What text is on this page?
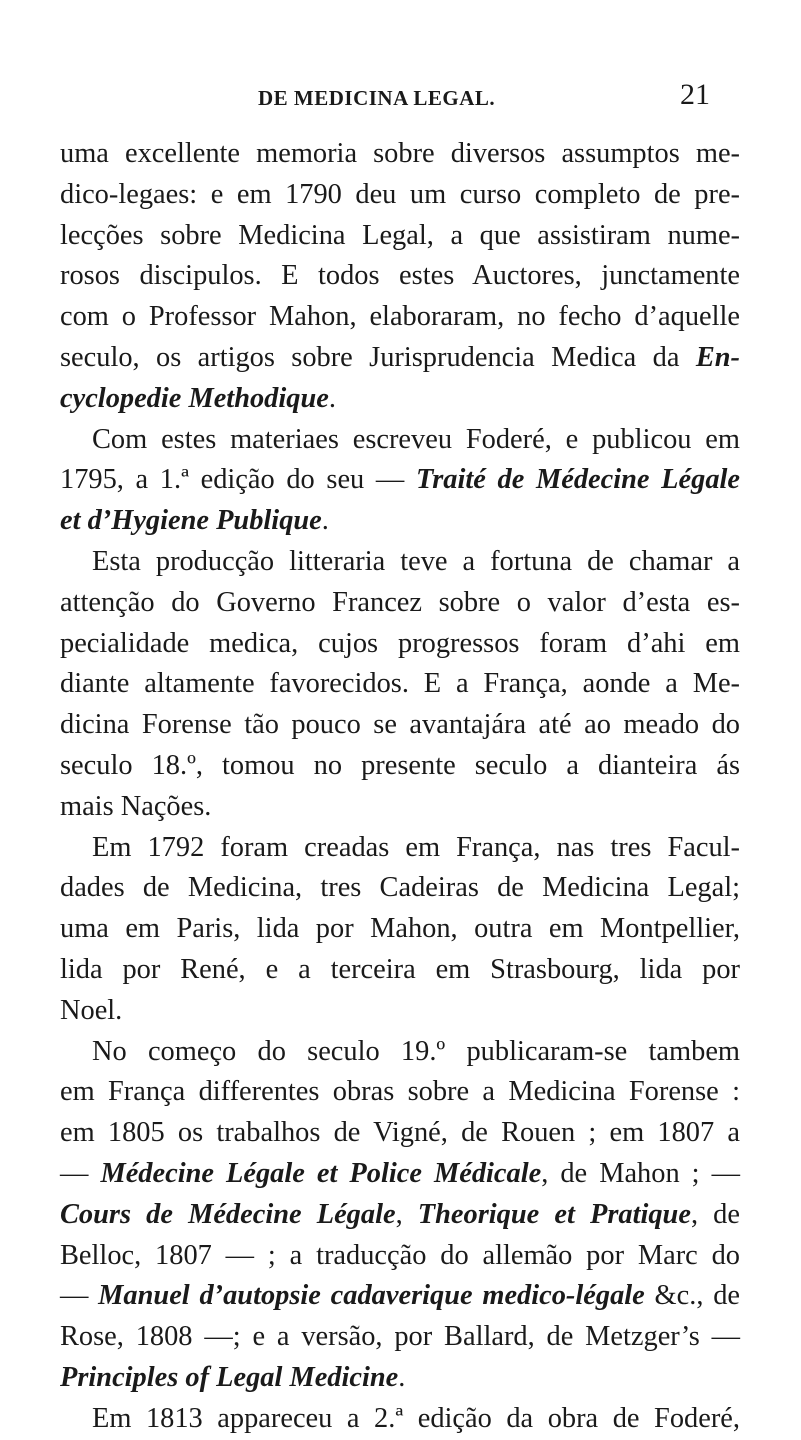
DE MEDICINA LEGAL.	21
uma excellente memoria sobre diversos assumptos me-
dico-legaes: e em 1790 deu um curso completo de pre-
lecções sobre Medicina Legal, a que assistiram nume-
rosos discipulos. E todos estes Auctores, junctamente
com o Professor Mahon, elaboraram, no fecho d’aquelle
seculo, os artigos sobre Jurisprudencia Medica da En-
cyclopedie Methodique.
Com estes materiaes escreveu Foderé, e publicou em
1795, a 1.ª edição do seu — Traité de Médecine Légale
et d’Hygiene Publique.
Esta producção litteraria teve a fortuna de chamar a
attenção do Governo Francez sobre o valor d’esta es-
pecialidade medica, cujos progressos foram d’ahi em
diante altamente favorecidos. E a França, aonde a Me-
dicina Forense tão pouco se avantajára até ao meado do
seculo 18.º, tomou no presente seculo a dianteira ás
mais Nações.
Em 1792 foram creadas em França, nas tres Facul-
dades de Medicina, tres Cadeiras de Medicina Legal;
uma em Paris, lida por Mahon, outra em Montpellier,
lida por René, e a terceira em Strasbourg, lida por
Noel.
No começo do seculo 19.º publicaram-se tambem
em França differentes obras sobre a Medicina Forense :
em 1805 os trabalhos de Vigné, de Rouen ; em 1807 a
— Médecine Légale et Police Médicale, de Mahon ; —
Cours de Médecine Légale, Theorique et Pratique, de
Belloc, 1807 — ; a traducção do allemão por Marc do
— Manuel d’autopsie cadaverique medico-légale &c., de
Rose, 1808 —; e a versão, por Ballard, de Metzger’s —
Principles of Legal Medicine.
Em 1813 appareceu a 2.ª edição da obra de Foderé,
